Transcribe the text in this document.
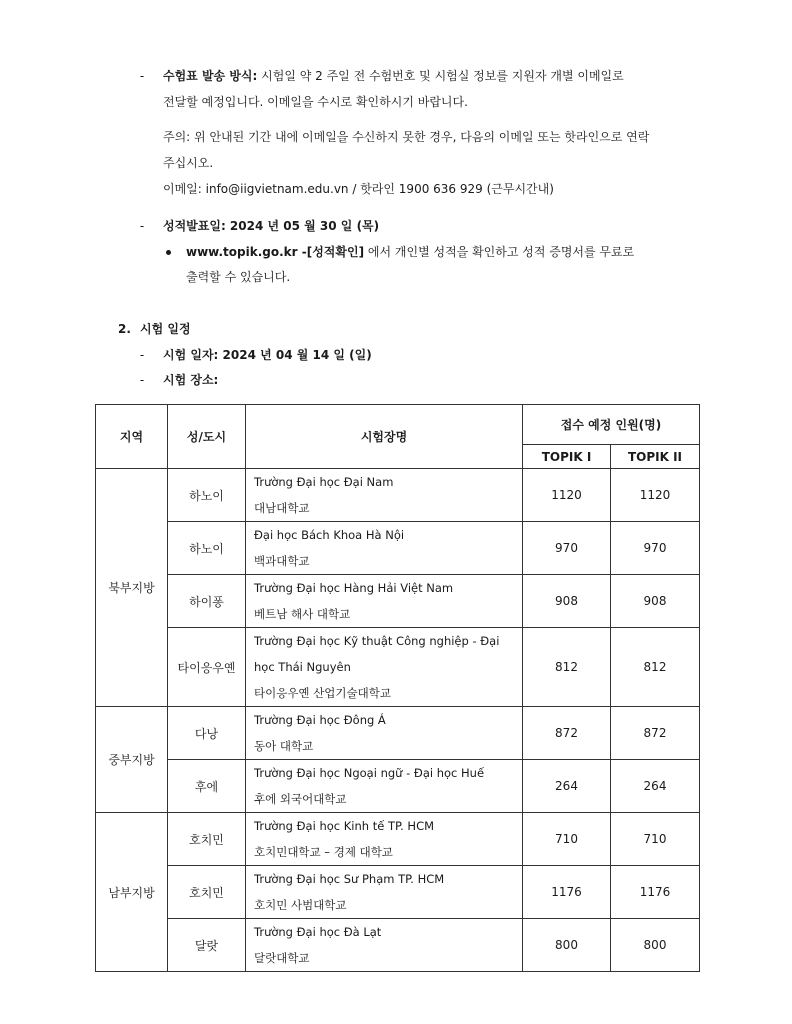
- 수험표 발송 방식: 시험일 약 2 주일 전 수험번호 및 시험실 정보를 지원자 개별 이메일로
전달할 예정입니다. 이메일을 수시로 확인하시기 바랍니다.
주의: 위 안내된 기간 내에 이메일을 수신하지 못한 경우, 다음의 이메일 또는 핫라인으로 연락
주십시오.
이메일: info@iigvietnam.edu.vn / 핫라인 1900 636 929 (근무시간내)
- 성적발표일: 2024 년 05 월 30 일 (목)
www.topik.go.kr -[성적확인] 에서 개인별 성적을 확인하고 성적 증명서를 무료로
출력할 수 있습니다.
2. 시험 일정
- 시험 일자: 2024 년 04 월 14 일 (일)
- 시험 장소:
지역	성/도시	시험장명	접수 예정 인원(명)	
			TOPIK I	TOPIK II
북부지방	하노이	Trường Đại học Đại Nam
대남대학교	1120	1120
	하노이	Đại học Bách Khoa Hà Nội
백과대학교	970	970
	하이퐁	Trường Đại học Hàng Hải Việt Nam
베트남 해사 대학교	908	908
	타이응우옌	Trường Đại học Kỹ thuật Công nghiệp - Đại
học Thái Nguyên
타이응우옌 산업기술대학교	812	812
중부지방	다낭	Trường Đại học Đông Á
동아 대학교	872	872
	후에	Trường Đại học Ngoại ngữ - Đại học Huế
후에 외국어대학교	264	264
남부지방	호치민	Trường Đại học Kinh tế TP. HCM
호치민대학교 – 경제 대학교	710	710
	호치민	Trường Đại học Sư Phạm TP. HCM
호치민 사범대학교	1176	1176
	달랏	Trường Đại học Đà Lạt
달랏대학교	800	800
